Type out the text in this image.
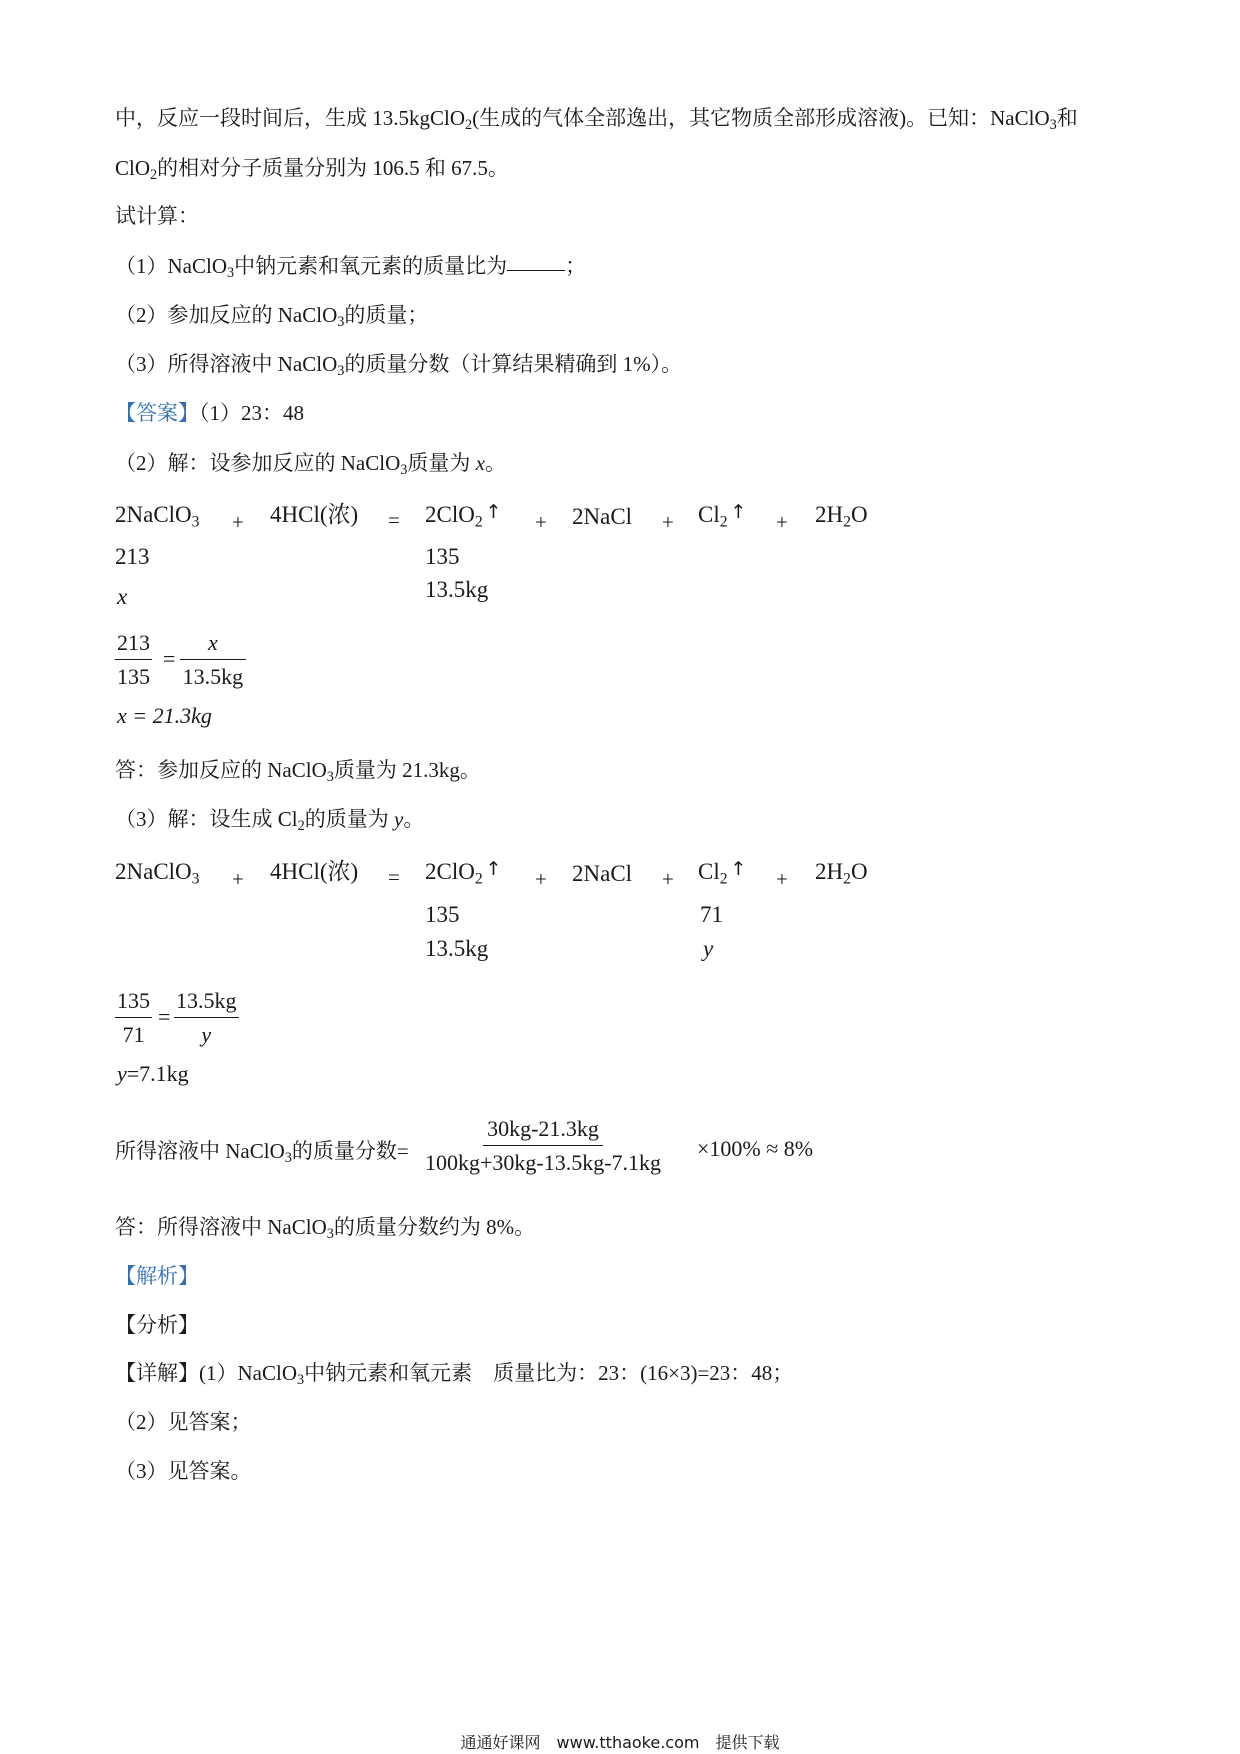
中，反应一段时间后，生成 13.5kgClO$_2$(生成的气体全部逸出，其它物质全部形成溶液)。已知：NaClO$_3$和
ClO$_2$的相对分子质量分别为 106.5 和 67.5。
试计算：
（1）NaClO$_3$中钠元素和氧元素的质量比为	；
（2）参加反应的 NaClO$_3$的质量；
（3）所得溶液中 NaClO$_3$的质量分数（计算结果精确到 1%）。
【答案】（1）23：48
（2）解：设参加反应的 NaClO$_3$质量为 x。
2NaClO$_3$ + 4HCl(浓) = 2ClO$_2$ ↑ + 2NaCl + $Cl_2$ ↑ + $2H_2O$
213
x
135
13.5kg
$\frac{213}{135} = \frac{x}{13.5kg}$
x = 21.3kg
答：参加反应的 NaClO$_3$质量为 21.3kg。
（3）解：设生成 $Cl_2$的质量为 y。
2NaClO$_3$ + 4HCl(浓) = 2ClO$_2$ ↑ + 2NaCl + $Cl_2$ ↑ + $2H_2O$
135
13.5kg
71
y
$\frac{135}{71} = \frac{13.5kg}{y}$
y=7.1kg
所得溶液中 NaClO$_3$的质量分数= $\frac{30kg-21.3kg}{100kg+30kg-13.5kg-7.1kg} \times 100\% \approx 8\%$
答：所得溶液中 NaClO$_3$的质量分数约为 8%。
【解析】
【分析】
【详解】(1）NaClO$_3$中钠元素和氧元素　质量比为：23：(16×3)=23：48；
（2）见答案；
（3）见答案。
通通好课网　www.tthaoke.com　提供下载
